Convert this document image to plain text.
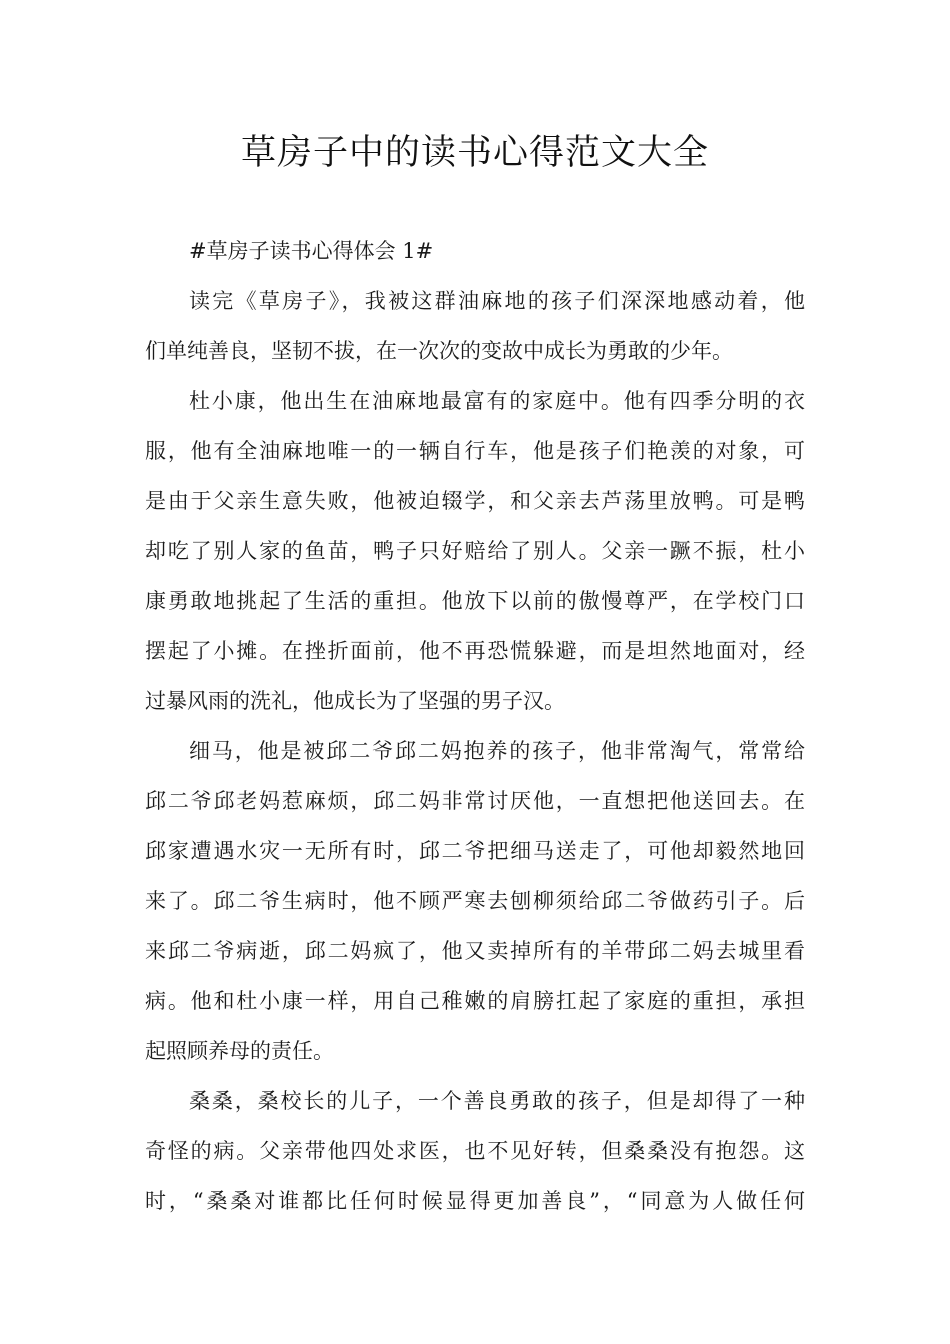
草房子中的读书心得范文大全

#草房子读书心得体会 1#

读完《草房子》，我被这群油麻地的孩子们深深地感动着，他
们单纯善良，坚韧不拔，在一次次的变故中成长为勇敢的少年。

杜小康，他出生在油麻地最富有的家庭中。他有四季分明的衣
服，他有全油麻地唯一的一辆自行车，他是孩子们艳羡的对象，可
是由于父亲生意失败，他被迫辍学，和父亲去芦荡里放鸭。可是鸭
却吃了别人家的鱼苗，鸭子只好赔给了别人。父亲一蹶不振，杜小
康勇敢地挑起了生活的重担。他放下以前的傲慢尊严，在学校门口
摆起了小摊。在挫折面前，他不再恐慌躲避，而是坦然地面对，经
过暴风雨的洗礼，他成长为了坚强的男子汉。

细马，他是被邱二爷邱二妈抱养的孩子，他非常淘气，常常给
邱二爷邱老妈惹麻烦，邱二妈非常讨厌他，一直想把他送回去。在
邱家遭遇水灾一无所有时，邱二爷把细马送走了，可他却毅然地回
来了。邱二爷生病时，他不顾严寒去刨柳须给邱二爷做药引子。后
来邱二爷病逝，邱二妈疯了，他又卖掉所有的羊带邱二妈去城里看
病。他和杜小康一样，用自己稚嫩的肩膀扛起了家庭的重担，承担
起照顾养母的责任。

桑桑，桑校长的儿子，一个善良勇敢的孩子，但是却得了一种
奇怪的病。父亲带他四处求医，也不见好转，但桑桑没有抱怨。这
时，“桑桑对谁都比任何时候显得更加善良”，“同意为人做任何
